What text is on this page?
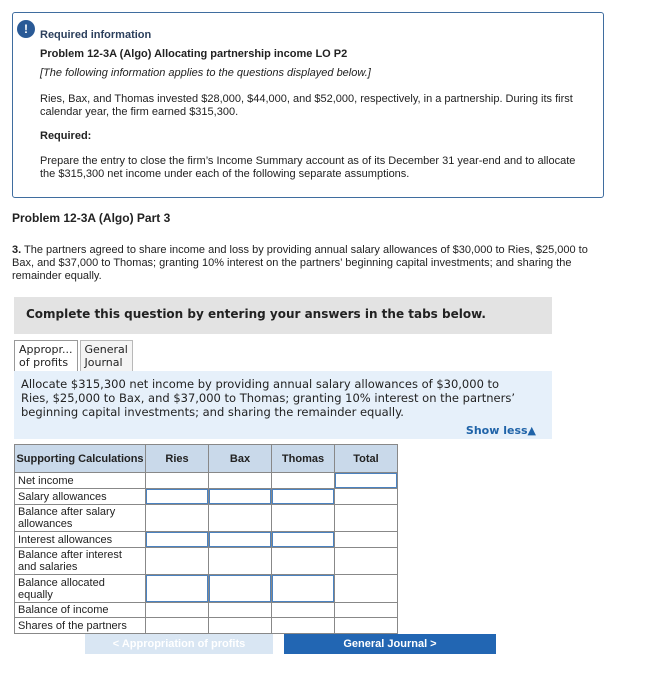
!	Required information
Problem 12-3A (Algo) Allocating partnership income LO P2
[The following information applies to the questions displayed below.]
Ries, Bax, and Thomas invested $28,000, $44,000, and $52,000, respectively, in a partnership. During its first calendar year, the firm earned $315,300.
Required:
Prepare the entry to close the firm’s Income Summary account as of its December 31 year-end and to allocate the $315,300 net income under each of the following separate assumptions.
Problem 12-3A (Algo) Part 3
3. The partners agreed to share income and loss by providing annual salary allowances of $30,000 to Ries, $25,000 to Bax, and $37,000 to Thomas; granting 10% interest on the partners’ beginning capital investments; and sharing the remainder equally.
Complete this question by entering your answers in the tabs below.
Appropr...
of profits
General
Journal
Allocate $315,300 net income by providing annual salary allowances of $30,000 to Ries, $25,000 to Bax, and $37,000 to Thomas; granting 10% interest on the partners’ beginning capital investments; and sharing the remainder equally.
Show less▲
Supporting Calculations	Ries	Bax	Thomas	Total
Net income				

Salary allowances	

Balance after salary allowances				
Interest allowances	

Balance after interest and salaries				
Balance allocated equally	

Balance of income				
Shares of the partners				
< Appropriation of profits	General Journal >
